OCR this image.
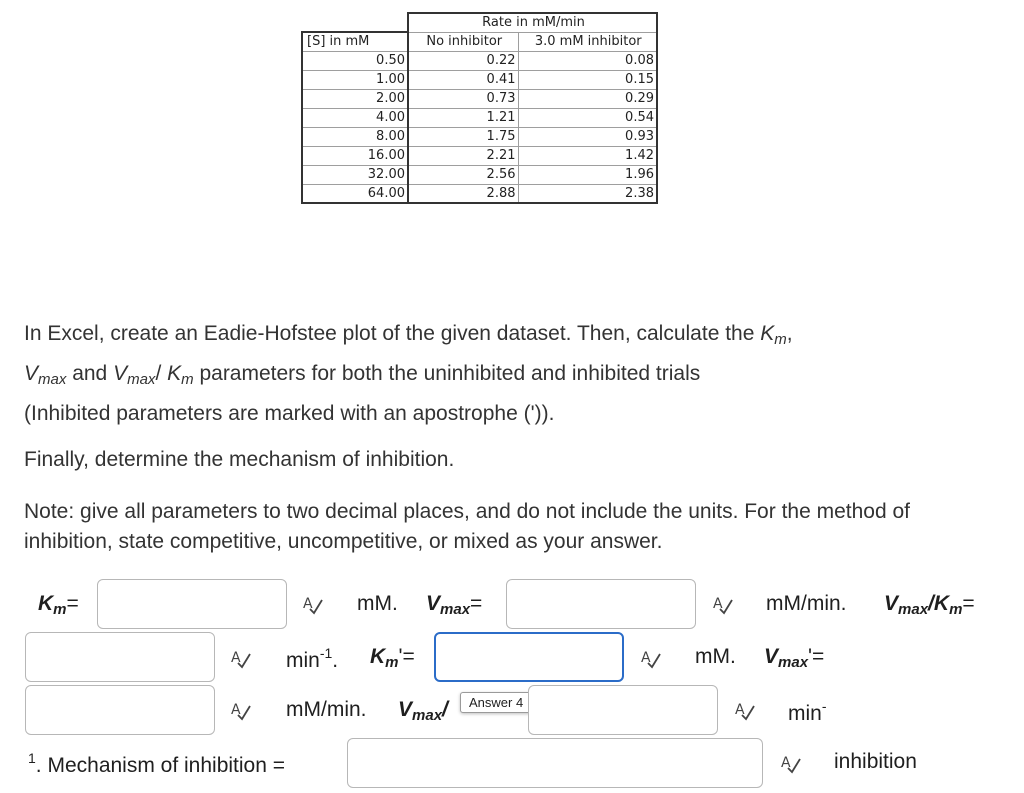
	Rate in mM/min	
[S] in mM	No inhibitor	3.0 mM inhibitor
0.50	0.22	0.08
1.00	0.41	0.15
2.00	0.73	0.29
4.00	1.21	0.54
8.00	1.75	0.93
16.00	2.21	1.42
32.00	2.56	1.96
64.00	2.88	2.38
In Excel, create an Eadie-Hofstee plot of the given dataset. Then, calculate the $K_m$,
$V_{max}$ and $V_{max}/$ $K_m$ parameters for both the uninhibited and inhibited trials
(Inhibited parameters are marked with an apostrophe (')).
Finally, determine the mechanism of inhibition.
Note: give all parameters to two decimal places, and do not include the units. For the method of inhibition, state competitive, uncompetitive, or mixed as your answer.
$K_m=$	A mM. $V_{max}=$	A mM/min. $V_{max}/K_m=$
A $\min^{-1}$. $K_m'=$	A mM. $V_{max}'=$
A mM/min. $V_{max}/$	Answer 4	A min-
$^1$. Mechanism of inhibition =	A inhibition
